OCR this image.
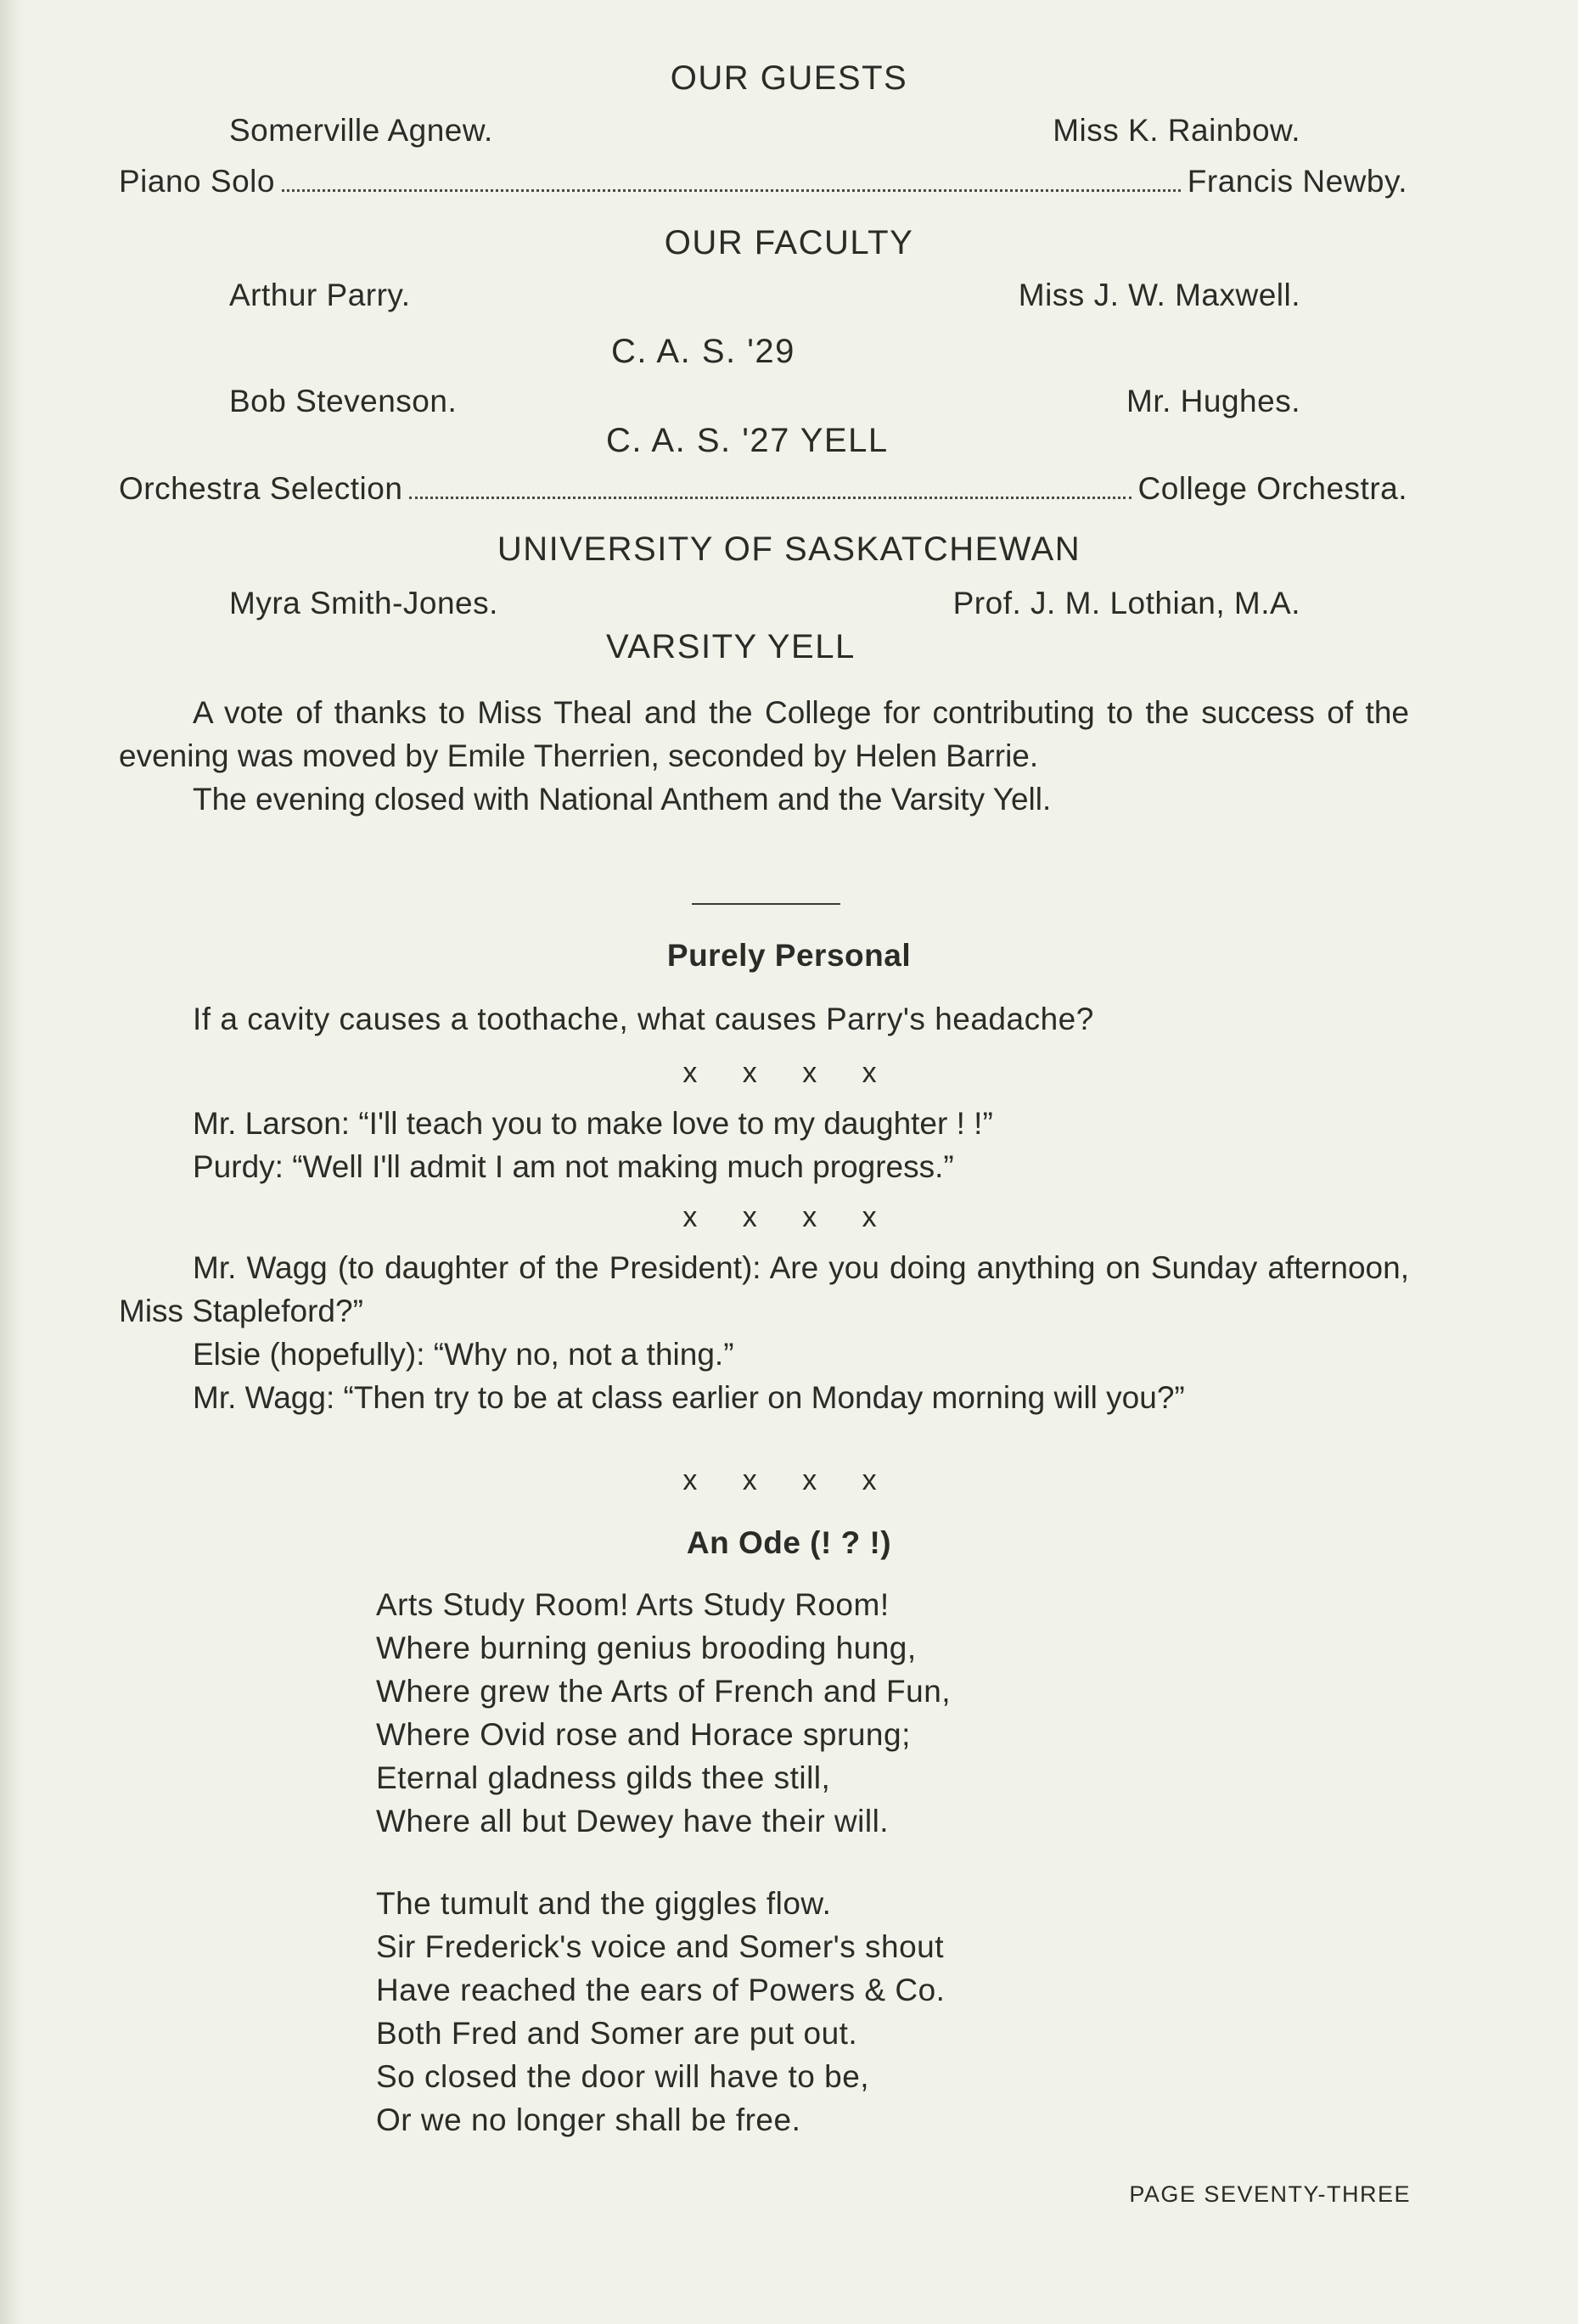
OUR GUESTS
Somerville Agnew.	Miss K. Rainbow.
Piano Solo	Francis Newby.
OUR FACULTY
Arthur Parry.	Miss J. W. Maxwell.
C. A. S. '29
Bob Stevenson.	Mr. Hughes.
C. A. S. '27 YELL
Orchestra Selection	College Orchestra.
UNIVERSITY OF SASKATCHEWAN
Myra Smith-Jones.	Prof. J. M. Lothian, M.A.
VARSITY YELL

A vote of thanks to Miss Theal and the College for contributing to the success of the evening was moved by Emile Therrien, seconded by Helen Barrie.

The evening closed with National Anthem and the Varsity Yell.

Purely Personal
If a cavity causes a toothache, what causes Parry's headache?
x x x x

Mr. Larson: “I'll teach you to make love to my daughter ! !”

Purdy: “Well I'll admit I am not making much progress.”

x x x x

Mr. Wagg (to daughter of the President): Are you doing anything on Sunday afternoon, Miss Stapleford?”

Elsie (hopefully): “Why no, not a thing.”

Mr. Wagg: “Then try to be at class earlier on Monday morning will you?”

x x x x
An Ode (! ? !)
Arts Study Room! Arts Study Room!
Where burning genius brooding hung,
Where grew the Arts of French and Fun,
Where Ovid rose and Horace sprung;
Eternal gladness gilds thee still,
Where all but Dewey have their will.
The tumult and the giggles flow.
Sir Frederick's voice and Somer's shout
Have reached the ears of Powers & Co.
Both Fred and Somer are put out.
So closed the door will have to be,
Or we no longer shall be free.
PAGE SEVENTY-THREE
